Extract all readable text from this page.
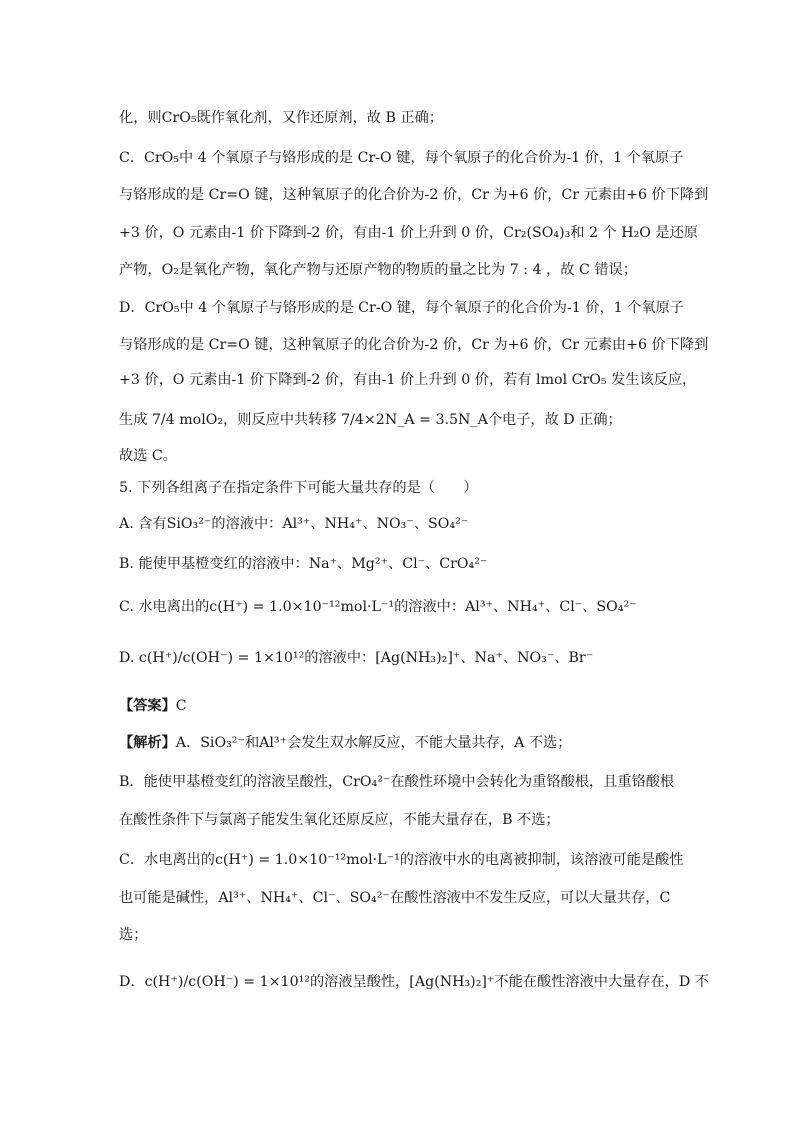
化，则CrO₅既作氧化剂，又作还原剂，故 B 正确；
C．CrO₅中 4 个氧原子与铬形成的是 Cr-O 键，每个氧原子的化合价为-1 价，1 个氧原子
与铬形成的是 Cr=O 键，这种氧原子的化合价为-2 价，Cr 为+6 价，Cr 元素由+6 价下降到
+3 价，O 元素由-1 价下降到-2 价，有由-1 价上升到 0 价，Cr₂(SO₄)₃和 2 个 H₂O 是还原
产物，O₂是氧化产物，氧化产物与还原产物的物质的量之比为 7 : 4 ，故 C 错误；
D．CrO₅中 4 个氧原子与铬形成的是 Cr-O 键，每个氧原子的化合价为-1 价，1 个氧原子
与铬形成的是 Cr=O 键，这种氧原子的化合价为-2 价，Cr 为+6 价，Cr 元素由+6 价下降到
+3 价，O 元素由-1 价下降到-2 价，有由-1 价上升到 0 价，若有 lmol CrO₅ 发生该反应，
生成 7/4 molO₂，则反应中共转移 7/4×2N_A = 3.5N_A个电子，故 D 正确；
故选 C。
5. 下列各组离子在指定条件下可能大量共存的是（　　）
A. 含有SiO₃²⁻的溶液中：Al³⁺、NH₄⁺、NO₃⁻、SO₄²⁻
B. 能使甲基橙变红的溶液中：Na⁺、Mg²⁺、Cl⁻、CrO₄²⁻
C. 水电离出的c(H⁺) = 1.0×10⁻¹²mol·L⁻¹的溶液中：Al³⁺、NH₄⁺、Cl⁻、SO₄²⁻
D. c(H⁺)/c(OH⁻) = 1×10¹²的溶液中：[Ag(NH₃)₂]⁺、Na⁺、NO₃⁻、Br⁻
【答案】C
【解析】A．SiO₃²⁻和Al³⁺会发生双水解反应，不能大量共存，A 不选；
B．能使甲基橙变红的溶液呈酸性，CrO₄²⁻在酸性环境中会转化为重铬酸根，且重铬酸根
在酸性条件下与氯离子能发生氧化还原反应，不能大量存在，B 不选；
C．水电离出的c(H⁺) = 1.0×10⁻¹²mol·L⁻¹的溶液中水的电离被抑制，该溶液可能是酸性
也可能是碱性，Al³⁺、NH₄⁺、Cl⁻、SO₄²⁻在酸性溶液中不发生反应，可以大量共存，C
选；
D．c(H⁺)/c(OH⁻) = 1×10¹²的溶液呈酸性，[Ag(NH₃)₂]⁺不能在酸性溶液中大量存在，D 不
